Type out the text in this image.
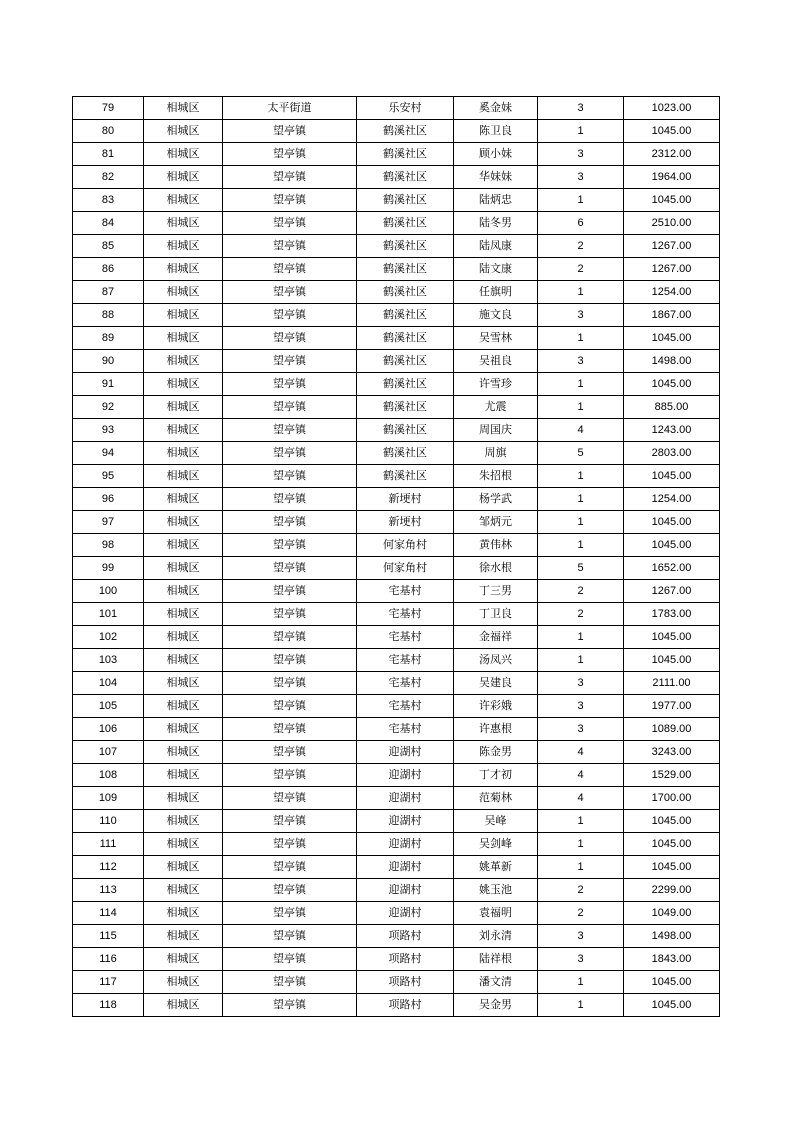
79	相城区	太平街道	乐安村	奚金妹	3	1023.00
80	相城区	望亭镇	鹤溪社区	陈卫良	1	1045.00
81	相城区	望亭镇	鹤溪社区	顾小妹	3	2312.00
82	相城区	望亭镇	鹤溪社区	华妹妹	3	1964.00
83	相城区	望亭镇	鹤溪社区	陆炳忠	1	1045.00
84	相城区	望亭镇	鹤溪社区	陆冬男	6	2510.00
85	相城区	望亭镇	鹤溪社区	陆凤康	2	1267.00
86	相城区	望亭镇	鹤溪社区	陆文康	2	1267.00
87	相城区	望亭镇	鹤溪社区	任旗明	1	1254.00
88	相城区	望亭镇	鹤溪社区	施文良	3	1867.00
89	相城区	望亭镇	鹤溪社区	吴雪林	1	1045.00
90	相城区	望亭镇	鹤溪社区	吴祖良	3	1498.00
91	相城区	望亭镇	鹤溪社区	许雪珍	1	1045.00
92	相城区	望亭镇	鹤溪社区	尤震	1	885.00
93	相城区	望亭镇	鹤溪社区	周国庆	4	1243.00
94	相城区	望亭镇	鹤溪社区	周旗	5	2803.00
95	相城区	望亭镇	鹤溪社区	朱招根	1	1045.00
96	相城区	望亭镇	新埂村	杨学武	1	1254.00
97	相城区	望亭镇	新埂村	邹炳元	1	1045.00
98	相城区	望亭镇	何家角村	黄伟林	1	1045.00
99	相城区	望亭镇	何家角村	徐水根	5	1652.00
100	相城区	望亭镇	宅基村	丁三男	2	1267.00
101	相城区	望亭镇	宅基村	丁卫良	2	1783.00
102	相城区	望亭镇	宅基村	金福祥	1	1045.00
103	相城区	望亭镇	宅基村	汤凤兴	1	1045.00
104	相城区	望亭镇	宅基村	吴建良	3	2111.00
105	相城区	望亭镇	宅基村	许彩娥	3	1977.00
106	相城区	望亭镇	宅基村	许惠根	3	1089.00
107	相城区	望亭镇	迎湖村	陈金男	4	3243.00
108	相城区	望亭镇	迎湖村	丁才初	4	1529.00
109	相城区	望亭镇	迎湖村	范菊林	4	1700.00
110	相城区	望亭镇	迎湖村	吴峰	1	1045.00
111	相城区	望亭镇	迎湖村	吴剑峰	1	1045.00
112	相城区	望亭镇	迎湖村	姚革新	1	1045.00
113	相城区	望亭镇	迎湖村	姚玉池	2	2299.00
114	相城区	望亭镇	迎湖村	袁福明	2	1049.00
115	相城区	望亭镇	项路村	刘永清	3	1498.00
116	相城区	望亭镇	项路村	陆祥根	3	1843.00
117	相城区	望亭镇	项路村	潘文清	1	1045.00
118	相城区	望亭镇	项路村	吴金男	1	1045.00
